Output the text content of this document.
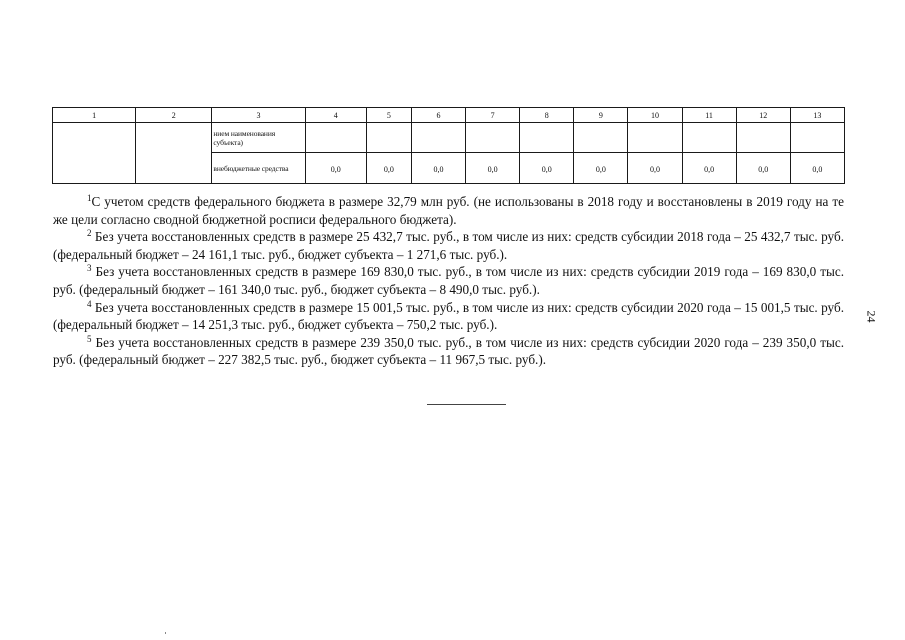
1	2	3	4	5	6	7	8	9	10	11	12	13
		нием наименования субъекта)										
		внебюджетные средства	0,0	0,0	0,0	0,0	0,0	0,0	0,0	0,0	0,0	0,0

$^1$С учетом средств федерального бюджета в размере 32,79 млн руб. (не использованы в 2018 году и восстановлены в 2019 году на те же цели согласно сводной бюджетной росписи федерального бюджета).

$^2$ Без учета восстановленных средств в размере 25 432,7 тыс. руб., в том числе из них: средств субсидии 2018 года – 25 432,7 тыс. руб. (федеральный бюджет – 24 161,1 тыс. руб., бюджет субъекта – 1 271,6 тыс. руб.).

$^3$ Без учета восстановленных средств в размере 169 830,0 тыс. руб., в том числе из них: средств субсидии 2019 года – 169 830,0 тыс. руб. (федеральный бюджет – 161 340,0 тыс. руб., бюджет субъекта – 8 490,0 тыс. руб.).

$^4$ Без учета восстановленных средств в размере 15 001,5 тыс. руб., в том числе из них: средств субсидии 2020 года – 15 001,5 тыс. руб. (федеральный бюджет – 14 251,3 тыс. руб., бюджет субъекта – 750,2 тыс. руб.).

$^5$ Без учета восстановленных средств в размере 239 350,0 тыс. руб., в том числе из них: средств субсидии 2020 года – 239 350,0 тыс. руб. (федеральный бюджет – 227 382,5 тыс. руб., бюджет субъекта – 11 967,5 тыс. руб.).

24
